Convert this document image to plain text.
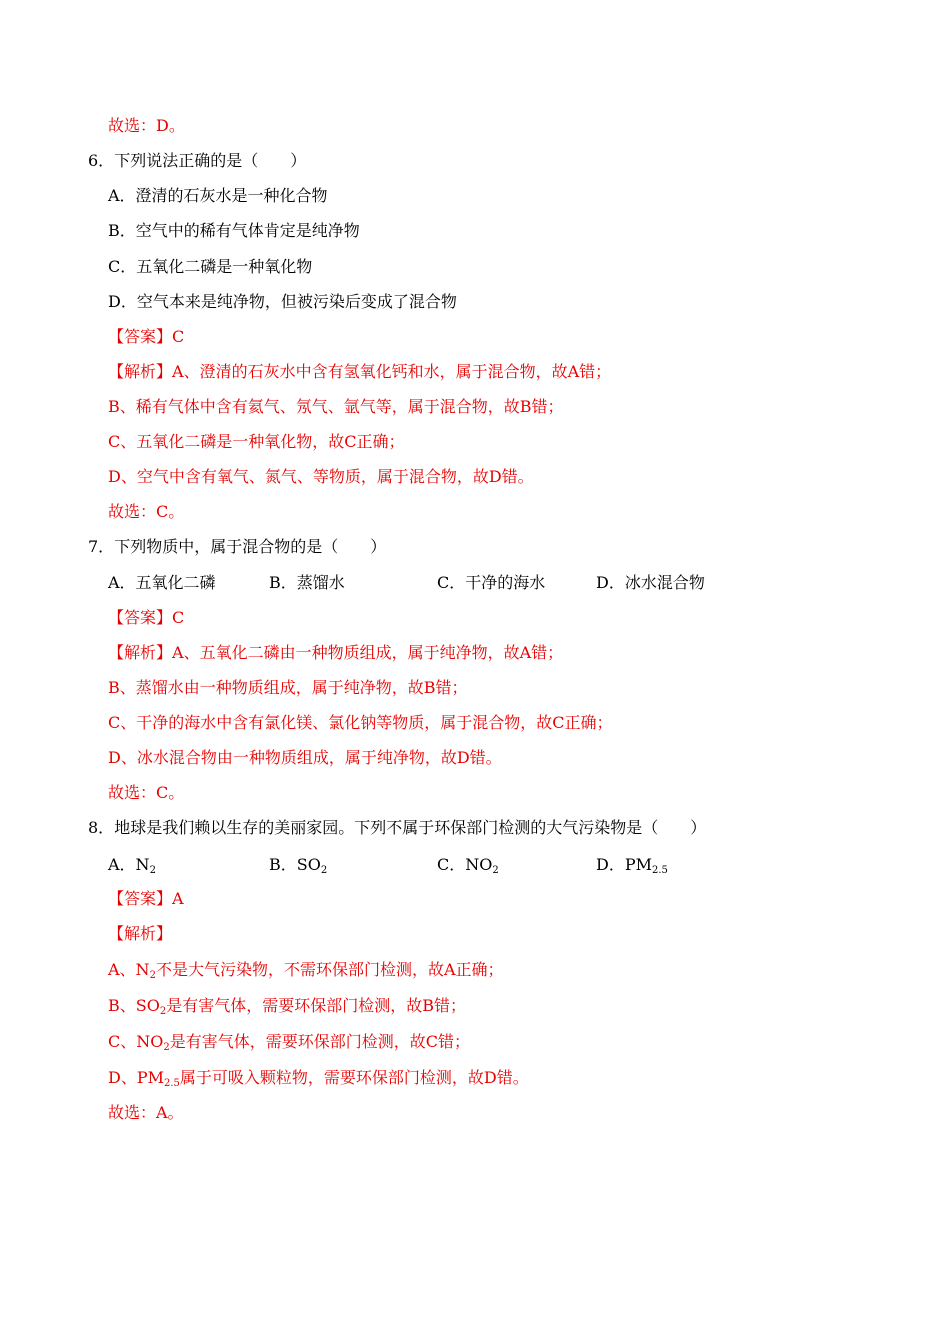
故选：D。
6．下列说法正确的是（　　）
A．澄清的石灰水是一种化合物
B．空气中的稀有气体肯定是纯净物
C．五氧化二磷是一种氧化物
D．空气本来是纯净物，但被污染后变成了混合物
【答案】C
【解析】A、澄清的石灰水中含有氢氧化钙和水，属于混合物，故A错；
B、稀有气体中含有氦气、氖气、氩气等，属于混合物，故B错；
C、五氧化二磷是一种氧化物，故C正确；
D、空气中含有氧气、氮气、等物质，属于混合物，故D错。
故选：C。
7．下列物质中，属于混合物的是（　　）
A．五氧化二磷	B．蒸馏水	C．干净的海水	D．冰水混合物
【答案】C
【解析】A、五氧化二磷由一种物质组成，属于纯净物，故A错；
B、蒸馏水由一种物质组成，属于纯净物，故B错；
C、干净的海水中含有氯化镁、氯化钠等物质，属于混合物，故C正确；
D、冰水混合物由一种物质组成，属于纯净物，故D错。
故选：C。
8．地球是我们赖以生存的美丽家园。下列不属于环保部门检测的大气污染物是（　　）
A．$N_2$	B．$SO_2$	C．$NO_2$	D．$PM_{2.5}$
【答案】A
【解析】
A、$N_2$不是大气污染物，不需环保部门检测，故A正确；
B、$SO_2$是有害气体，需要环保部门检测，故B错；
C、$NO_2$是有害气体，需要环保部门检测，故C错；
D、$PM_{2.5}$属于可吸入颗粒物，需要环保部门检测，故D错。
故选：A。
